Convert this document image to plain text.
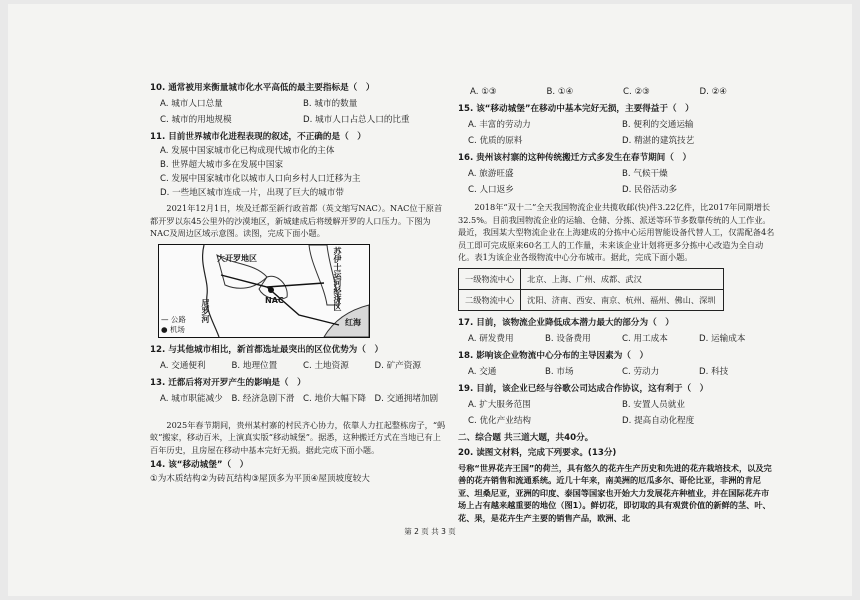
10. 通常被用来衡量城市化水平高低的最主要指标是（　）

A. 城市人口总量	B. 城市的数量
C. 城市的用地规模	D. 城市人口占总人口的比重

11. 目前世界城市化进程表现的叙述，不正确的是（　）

A. 发展中国家城市化已构成现代城市化的主体
B. 世界超大城市多在发展中国家
C. 发展中国家城市化以城市人口向乡村人口迁移为主
D. 一些地区城市连成一片，出现了巨大的城市带

2021年12月1日，埃及迁都至新行政首都（英文缩写NAC）。NAC位于原首都开罗以东45公里外的沙漠地区，新城建成后将缓解开罗的人口压力。下图为NAC及周边区域示意图。读图，完成下面小题。

大开罗地区
尼罗河	NAC	苏伊士运河经济区
红海
— 公路
● 机场

12. 与其他城市相比，新首都选址最突出的区位优势为（　）

A. 交通便利	B. 地理位置	C. 土地资源	D. 矿产资源

13. 迁都后将对开罗产生的影响是（　）

A. 城市职能减少	B. 经济急剧下滑 C. 地价大幅下降 D. 交通拥堵加剧

2025年春节期间，贵州某村寨的村民齐心协力，依靠人力扛起整栋房子，“蚂蚁”搬家，移动百米，上演真实版“移动城堡”。据悉，这种搬迁方式在当地已有上百年历史，且房屋在移动中基本完好无损。据此完成下面小题。

14. 该“移动城堡”（　）

①为木质结构②为砖瓦结构③屋顶多为平顶④屋顶坡度较大

A. ①③	B. ①④	C. ②③	D. ②④

15. 该“移动城堡”在移动中基本完好无损，主要得益于（　）

A. 丰富的劳动力	B. 便利的交通运输
C. 优质的原料	D. 精湛的建筑技艺

16. 贵州该村寨的这种传统搬迁方式多发生在春节期间（　）

A. 旅游旺盛	B. 气候干燥
C. 人口返乡	D. 民俗活动多

2018年“双十二”全天我国物流企业共揽收邮(快)件3.22亿件，比2017年同期增长32.5%。目前我国物流企业的运输、仓储、分拣、派送等环节多数靠传统的人工作业。最近，我国某大型物流企业在上海建成的分拣中心运用智能设备代替人工，仅需配备4名员工即可完成原来60名工人的工作量，未来该企业计划将更多分拣中心改造为全自动化。表1为该企业各级物流中心分布城市。据此，完成下面小题。

一级物流中心	北京、上海、广州、成都、武汉
二级物流中心	沈阳、济南、西安、南京、杭州、福州、佛山、深圳

17. 目前，该物流企业降低成本潜力最大的部分为（　）

A. 研发费用	B. 设备费用	C. 用工成本	D. 运输成本

18. 影响该企业物流中心分布的主导因素为（　）

A. 交通	B. 市场	C. 劳动力	D. 科技

19. 目前，该企业已经与谷歌公司达成合作协议，这有利于（　）

A. 扩大服务范围	B. 安置人员就业
C. 优化产业结构	D. 提高自动化程度

二、综合题 共三道大题，共40分。

20. 读图文材料，完成下列要求。(13分)

号称“世界花卉王国”的荷兰，具有悠久的花卉生产历史和先进的花卉栽培技术，以及完善的花卉销售和流通系统。近几十年来，南美洲的厄瓜多尔、哥伦比亚，非洲的肯尼亚、坦桑尼亚，亚洲的印度、泰国等国家也开始大力发展花卉种植业，并在国际花卉市场上占有越来越重要的地位（图1）。鲜切花，即切取的具有观赏价值的新鲜的茎、叶、花、果，是花卉生产主要的销售产品，欧洲、北

第 2 页 共 3 页
